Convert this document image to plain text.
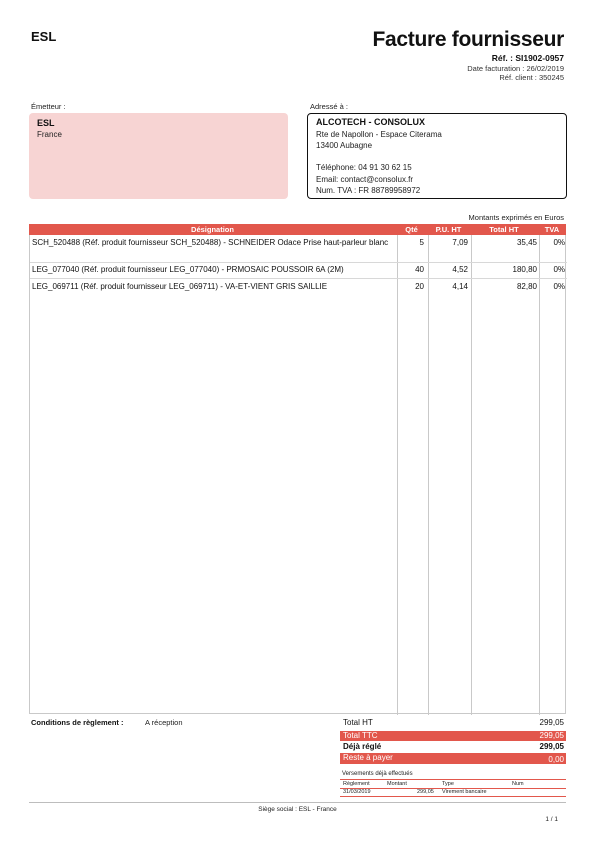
ESL	Facture fournisseur
Réf. : SI1902-0957
Date facturation : 26/02/2019
Réf. client : 350245
Émetteur :	Adressé à :
ESL
France
ALCOTECH - CONSOLUX
Rte de Napollon - Espace Citerama
13400 Aubagne
Téléphone: 04 91 30 62 15
Email: contact@consolux.fr
Num. TVA : FR 88789958972
Montants exprimés en Euros
SCH_520488 (Réf. produit fournisseur SCH_520488) - SCHNEIDER Odace Prise haut-parleur blanc	5	7,09	35,45	0%
LEG_077040 (Réf. produit fournisseur LEG_077040) - PRMOSAIC POUSSOIR 6A (2M)	40	4,52	180,80	0%
LEG_069711 (Réf. produit fournisseur LEG_069711) - VA-ET-VIENT GRIS SAILLIE	20	4,14	82,80	0%
Désignation	Qté	P.U. HT	Total HT	TVA
Conditions de règlement :	A réception	Total HT	299,05
Total TTC	299,05
Déjà réglé	299,05
Reste à payer	0,00
Versements déjà effectués
Règlement	Montant	Type	Num
31/03/2019	299,05 Virement bancaire
Siège social : ESL - France
1 / 1
